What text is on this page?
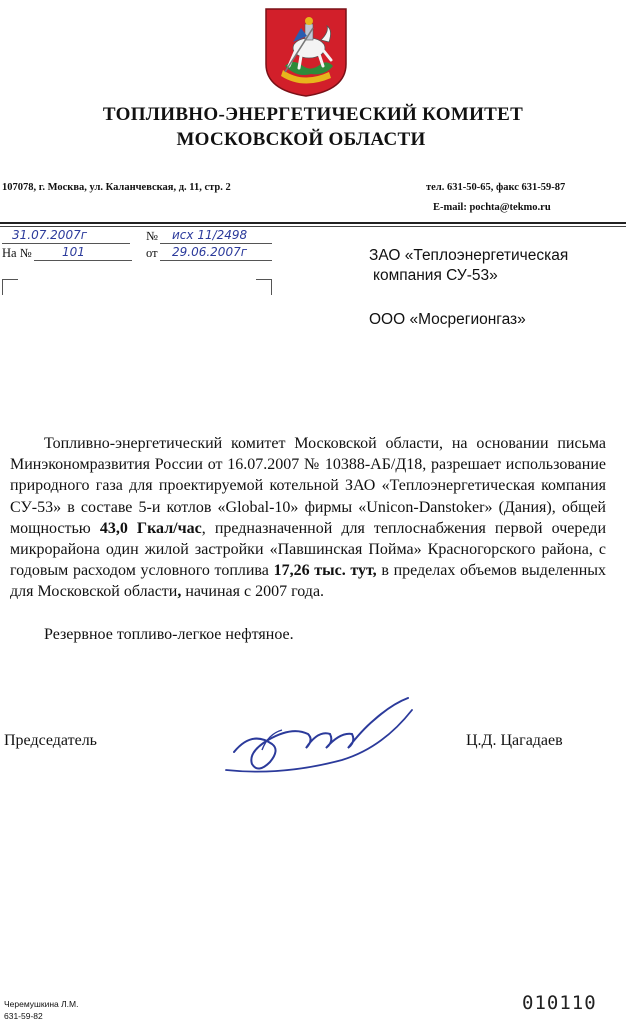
ТОПЛИВНО-ЭНЕРГЕТИЧЕСКИЙ КОМИТЕТ
МОСКОВСКОЙ ОБЛАСТИ
107078, г. Москва, ул. Каланчевская, д. 11, стр. 2	тел. 631-50-65, факс 631-59-87
E-mail: pochta@tekmo.ru
31.07.2007г	№ исх 11/2498
На №	101	от 29.06.2007г	ЗАО «Теплоэнергетическая
компания СУ-53»
ООО «Мосрегионгаз»
Топливно-энергетический комитет Московской области, на основании письма Минэкономразвития России от 16.07.2007 № 10388-АБ/Д18, разрешает использование природного газа для проектируемой котельной ЗАО «Теплоэнергетическая компания СУ-53» в составе 5-и котлов «Global-10» фирмы «Unicon-Danstoker» (Дания), общей мощностью 43,0 Гкал/час, предназначенной для теплоснабжения первой очереди микрорайона один жилой застройки «Павшинская Пойма» Красногорского района, с годовым расходом условного топлива 17,26 тыс. тут, в пределах объемов выделенных для Московской области, начиная с 2007 года.
Резервное топливо-легкое нефтяное.
Председатель	Ц.Д. Цагадаев
Черемушкина Л.М.
631-59-82
010110
